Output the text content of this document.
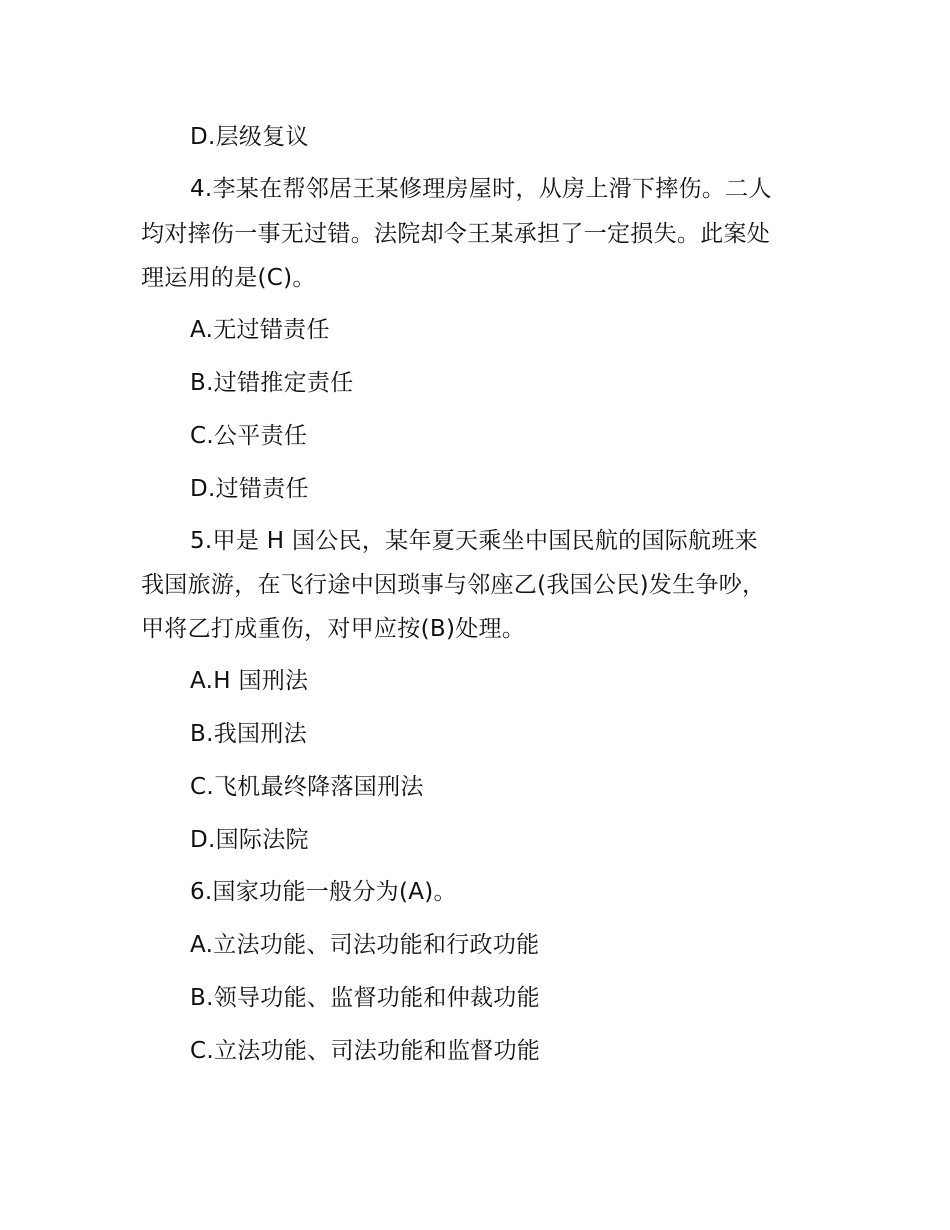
D.层级复议
4.李某在帮邻居王某修理房屋时，从房上滑下摔伤。二人
均对摔伤一事无过错。法院却令王某承担了一定损失。此案处
理运用的是(C)。
A.无过错责任
B.过错推定责任
C.公平责任
D.过错责任
5.甲是 H 国公民，某年夏天乘坐中国民航的国际航班来
我国旅游，在飞行途中因琐事与邻座乙(我国公民)发生争吵，
甲将乙打成重伤，对甲应按(B)处理。
A.H 国刑法
B.我国刑法
C.飞机最终降落国刑法
D.国际法院
6.国家功能一般分为(A)。
A.立法功能、司法功能和行政功能
B.领导功能、监督功能和仲裁功能
C.立法功能、司法功能和监督功能
